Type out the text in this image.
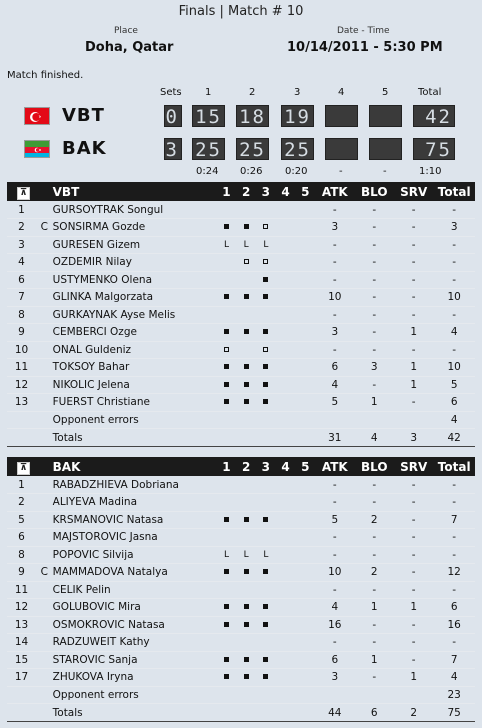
Finals | Match # 10
Place
Doha, Qatar
Date - Time
10/14/2011 - 5:30 PM
Match finished.
Sets 1	2	3	4	5	Total
VBT	0 15 18 19	42
BAK	3 25 25 25	75
0:24 0:26 0:20	-	-	1:10
⊼		VBT	1	2	3	4	5	ATK	BLO	SRV	Total
1		GURSOYTRAK Songul						-	-	-	-
2	C	SONSIRMA Gozde						3	-	-	3
3		GURESEN Gizem	L	L	L			-	-	-	-
4		OZDEMIR Nilay						-	-	-	-
6		USTYMENKO Olena						-	-	-	-
7		GLINKA Malgorzata						10	-	-	10
8		GURKAYNAK Ayse Melis						-	-	-	-
9		CEMBERCI Ozge						3	-	1	4
10		ONAL Guldeniz						-	-	-	-
11		TOKSOY Bahar						6	3	1	10
12		NIKOLIC Jelena						4	-	1	5
13		FUERST Christiane						5	1	-	6
		Opponent errors									4
		Totals						31	4	3	42
⊼		BAK	1	2	3	4	5	ATK	BLO	SRV	Total
1		RABADZHIEVA Dobriana						-	-	-	-
2		ALIYEVA Madina						-	-	-	-
5		KRSMANOVIC Natasa						5	2	-	7
6		MAJSTOROVIC Jasna						-	-	-	-
8		POPOVIC Silvija	L	L	L			-	-	-	-
9	C	MAMMADOVA Natalya						10	2	-	12
11		CELIK Pelin						-	-	-	-
12		GOLUBOVIC Mira						4	1	1	6
13		OSMOKROVIC Natasa						16	-	-	16
14		RADZUWEIT Kathy						-	-	-	-
15		STAROVIC Sanja						6	1	-	7
17		ZHUKOVA Iryna						3	-	1	4
		Opponent errors									23
		Totals						44	6	2	75
